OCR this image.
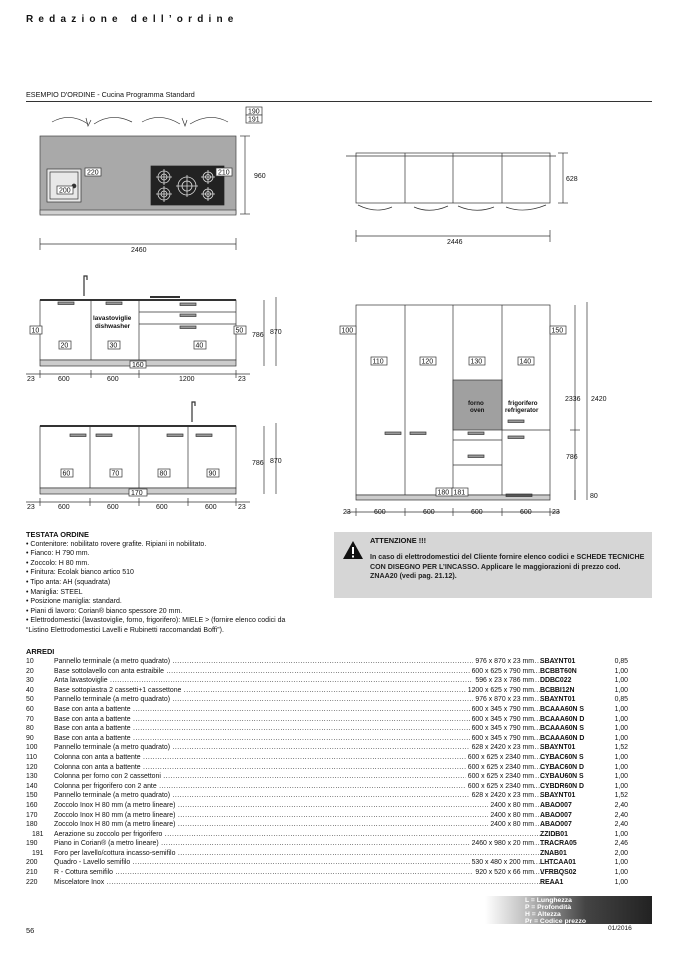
Redazione dell’ordine
ESEMPIO D'ORDINE - Cucina Programma Standard
190
191
220
200
210	960
2460
628
2446
10
20	30	40
50
160
lavastoviglie
dishwasher
786 870
23	600	600	1200	23
60	70	80	90
170
786 870
23	600	600	600	600	23
100	150
110	120	130	140
180 181
forno
oven
frigorifero
refrigerator
2336 2420
786
80
23	600	600	600	600	23
TESTATA ORDINE
• Contenitore: nobilitato rovere grafite. Ripiani in nobilitato.
• Fianco: H 790 mm.
• Zoccolo: H 80 mm.
• Finitura: Ecolak bianco artico 510
• Tipo anta: AH (squadrata)
• Maniglia: STEEL
• Posizione maniglia: standard.
• Piani di lavoro: Corian® bianco spessore 20 mm.
• Elettrodomestici (lavastoviglie, forno, frigorifero): MIELE > (fornire elenco codici da
“Listino Elettrodomestici Lavelli e Rubinetti raccomandati Boffi”).
ATTENZIONE !!!
In caso di elettrodomestici del Cliente fornire elenco codici e SCHEDE TECNICHE CON DISEGNO PER L’INCASSO. Applicare le maggiorazioni di prezzo cod. ZNAA20 (vedi pag. 21.12).
ARREDI
10	Pannello terminale (a metro quadrato) .....	976 x 870 x 23 mm SBAYNT01	0,85
20	Base sottolavello con anta estraibile .....	600 x 625 x 790 mm BCBBT60N	1,00
30	Anta lavastoviglie .....	596 x 23 x 786 mm DDBC022	1,00
40	Base sottopiastra 2 cassetti+1 cassettone .....	1200 x 625 x 790 mm BCBBI12N	1,00
50	Pannello terminale (a metro quadrato) .....	976 x 870 x 23 mm SBAYNT01	0,85
60	Base con anta a battente .....	600 x 345 x 790 mm BCAAA60N S	1,00
70	Base con anta a battente .....	600 x 345 x 790 mm BCAAA60N D	1,00
80	Base con anta a battente .....	600 x 345 x 790 mm BCAAA60N S	1,00
90	Base con anta a battente .....	600 x 345 x 790 mm BCAAA60N D	1,00
100	Pannello terminale (a metro quadrato) .....	628 x 2420 x 23 mm SBAYNT01	1,52
110	Colonna con anta a battente .....	600 x 625 x 2340 mm CYBAC60N S	1,00
120	Colonna con anta a battente .....	600 x 625 x 2340 mm CYBAC60N D	1,00
130	Colonna per forno con 2 cassettoni .....	600 x 625 x 2340 mm CYBAU60N S	1,00
140	Colonna per frigorifero con 2 ante .....	600 x 625 x 2340 mm CYBDR60N D	1,00
150	Pannello terminale (a metro quadrato) .....	628 x 2420 x 23 mm SBAYNT01	1,52
160	Zoccolo Inox H 80 mm (a metro lineare) .....	2400 x 80 mm ABAO007	2,40
170	Zoccolo Inox H 80 mm (a metro lineare) .....	2400 x 80 mm ABAO007	2,40
180	Zoccolo Inox H 80 mm (a metro lineare) .....	2400 x 80 mm ABAO007	2,40
181	Aerazione su zoccolo per frigorifero .....	ZZIDB01	1,00
190	Piano in Corian® (a metro lineare) .....	2460 x 980 x 20 mm TRACRA05	2,46
191	Foro per lavello/cottura incasso-semifilo .....	ZNAB01	2,00
200	Quadro - Lavello semifilo .....	530 x 480 x 200 mm LHTCAA01	1,00
210	R - Cottura semifilo .....	920 x 520 x 66 mm VFRBQS02	1,00
220	Miscelatore Inox .....	REAA1	1,00
L = Lunghezza
P = Profondità
H = Altezza
Pr = Codice prezzo
56	01/2016
